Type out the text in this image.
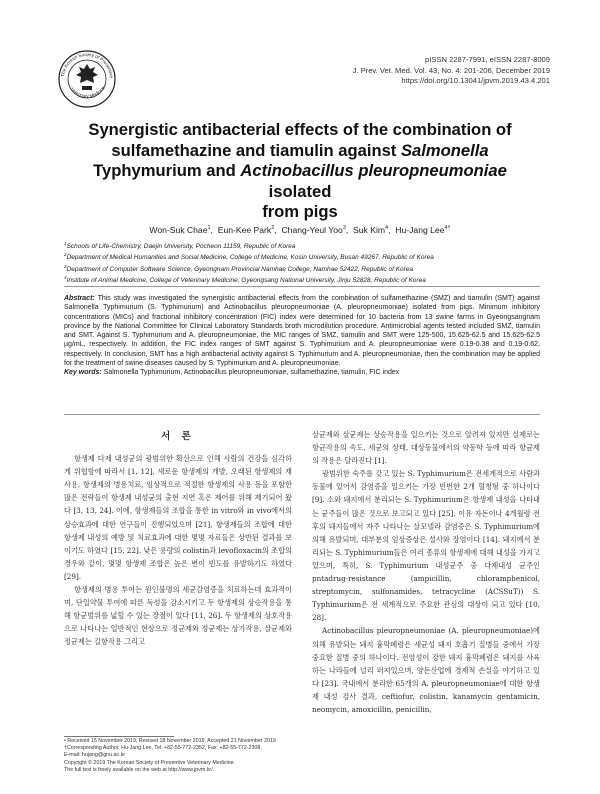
The Korean Society of Preventive
Veterinary Medicine
pISSN 2287-7991, eISSN 2287-8009
J. Prev. Vet. Med. Vol. 43, No. 4: 201-206, December 2019
https://doi.org/10.13041/jpvm.2019.43.4.201
Synergistic antibacterial effects of the combination of
sulfamethazine and tiamulin against Salmonella
Typhymurium and Actinobacillus pleuropneumoniae isolated
from pigs
Won-Suk Chae$^1$,  Eun-Kee Park$^2$,  Chang-Yeul Yoo$^3$,  Suk Kim$^4$,  Hu-Jang Lee$^{4\dagger}$
$^1$Schools of Life-Chemistry, Daejin University, Pocheon 11159, Republic of Korea
$^2$Department of Medical Humanities and Social Medicine, College of Medicine, Kosin University, Busan 49267, Republic of Korea
$^3$Department of Computer Software Science, Gyeongnam Provincial Namhae College, Namhae 52422, Republic of Korea
$^4$Institute of Animal Medicine, College of Veterinary Medicine, Gyeongsang National University, Jinju 52828, Republic of Korea
Abstract: This study was investigated the synergistic antibacterial effects from the combination of sulfamethazine (SMZ) and tiamulin (SMT) against Salmonella Typhimurium (S. Typhimurium) and Actinobacillus pleuropneumoniae (A. pleuropneumoniae) isolated from pigs. Minimum inhibitory concentrations (MICs) and fractional inhibitory concentration (FIC) index were determined for 10 bacteria from 13 swine farms in Gyeongsangnam province by the National Committee for Clinical Laboratory Standards broth microdilution procedure. Antimicrobial agents tested included SMZ, tiamulin and SMT. Against S. Typhimurium and A. pleuropneumoniae, the MIC ranges of SMZ, tiamulin and SMT were 125-500, 15.625-62.5 and 15.625-62.5 µg/mL, respectively. In addition, the FIC index ranges of SMT against S. Typhimurium and A. pleuropneumoniae were 0.19-0.38 and 0.19-0.62, respectively. In conclusion, SMT has a high antibacterial activity against S. Typhimurium and A. pleuropneumoniae, then the combination may be applied for the treatment of swine diseases caused by S. Typhimurium and A. pleuropneumoniae.
Key words: Salmonella Typhimurium, Actinobacillus pleuropneumoniae, sulfamethazine, tiamulin, FIC index
서 론

항생제 다제 내성균의 광범위한 확산으로 인해 사람의 건강을 심각하게 위협함에 따라서 [1, 12], 새로운 항생제의 개발, 오래된 항생제의 재사용, 항생제의 병용치료, 임상적으로 적절한 항생제의 사용 등을 포함한 많은 전략들이 항생제 내성균의 출현 지연 혹은 제어를 위해 제기되어 왔다 [3, 13, 24]. 이에, 항생제들의 조합을 통한 in vitro와 in vivo에서의 상승효과에 대한 연구들이 진행되었으며 [21], 항생제들의 조합에 대한 항생제 내성의 예방 및 치료효과에 대한 몇몇 자료들은 상반된 결과를 보이기도 하였다 [15, 22]. 낮은 용량의 colistin과 levofloxacin의 조합의 경우와 같이, 몇몇 항생제 조합은 높은 변이 빈도를 유발하기도 하였다 [29].

항생제의 병용 투여는 원인불명의 세균감염증을 치료하는데 효과적이며, 단일약물 투여에 따른 독성을 감소시키고 두 항생제의 상승작용을 통해 항균범위를 넓힐 수 있는 장점이 있다 [11, 26]. 두 항생제의 상호작용으로 나타나는 일반적인 현상으로 정균제와 정균제는 상가작용, 살균제와 정균제는 길항작용 그리고

살균제와 살균제는 상승작용을 일으키는 것으로 알려져 있지만 실제로는 항균작용의 속도, 세균의 상태, 대상동물에서의 약동학 등에 따라 항균제의 작용은 달라진다 [1].

광범위한 숙주를 갖고 있는 S. Typhimurium은 전세계적으로 사람과 동물에 있어서 감염증을 일으키는 가장 빈번한 2개 혈청형 중 하나이다 [9]. 소와 돼지에서 분리되는 S. Typhimurium은 항생제 내성을 나타내는 균주들이 많은 것으로 보고되고 있다 [25]. 이유 자돈이나 4개월령 전후의 돼지들에서 자주 나타나는 살모넬라 감염증은 S. Typhimurium에 의해 유발되며, 대부분의 임상증상은 설사와 장염이다 [14]. 돼지에서 분리되는 S. Typhimurium들은 여러 종류의 항생제에 대해 내성을 가지고 있으며, 특히, S. Typhimurium 내성균주 중 다제내성 균주인 pntadrug-resistance (ampicillin, chloramphenicol, streptomycin, sulfonamides, tetracycline (ACSSuT)) S. Typhimurium은 전 세계적으로 주요한 관심의 대상이 되고 있다 [10, 28].

Actinobacillus pleuropneumoniae (A. pleuropneumoniae)에 의해 유발되는 돼지 흉막폐렴은 세균성 돼지 호흡기 질병들 중에서 가장 중요한 질병 중의 하나이다. 전염성이 강한 돼지 흉막폐렴은 돼지를 사육하는 나라들에 널리 퍼져있으며, 양돈산업에 경제적 손실을 야기하고 있다 [23]. 국내에서 분리한 65개의 A. pleuropneumoniae에 대한 항생제 내성 검사 결과, ceftiofur, colistin, kanamycin gentamicin, neomycin, amoxicillin, penicillin,

• Received 15 November 2019, Revised 18 November 2019, Accepted 21 November 2019
†Corresponding Author. Hu-Jang Lee, Tel: +82-55-772-2352, Fax: +82-55-772-2308,
E-mail: hujang@gnu.ac.kr
Copyright © 2019 The Korean Society of Preventive Veterinary Medicine.
The full text is freely available on the web at http://www.jpvm.kr/.
